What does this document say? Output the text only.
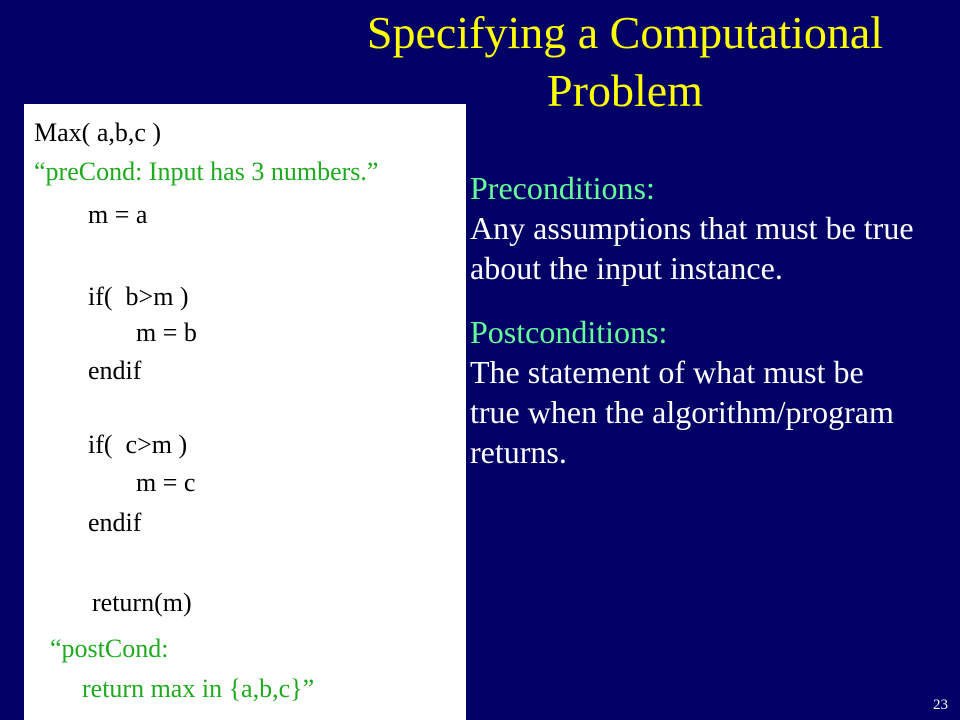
Specifying a Computational Problem
Max( a,b,c )
“preCond: Input has 3 numbers.”
m = a
if(  b>m )
m = b
endif
if(  c>m )
m = c
endif
return(m)
“postCond:
return max in {a,b,c}”
Preconditions:
Any assumptions that must be true about the input instance.
Postconditions:
The statement of what must be true when the algorithm/program returns.
23
